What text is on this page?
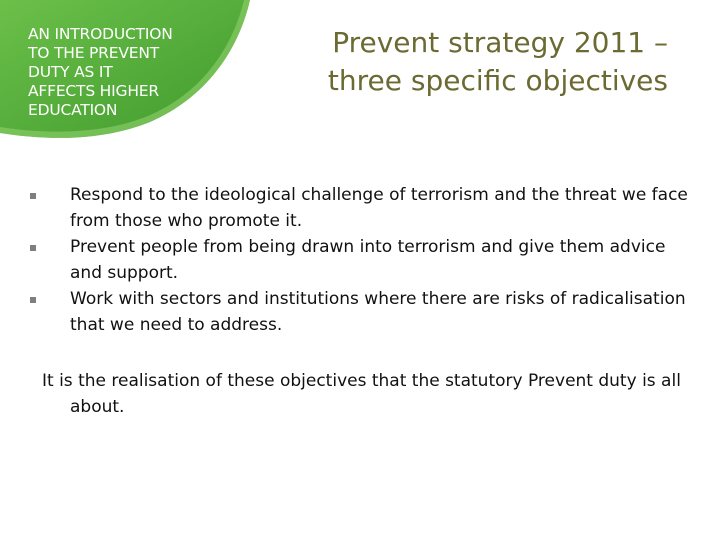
AN INTRODUCTION
TO THE PREVENT
DUTY AS IT
AFFECTS HIGHER
EDUCATION
Prevent strategy 2011 –
three specific objectives
Respond to the ideological challenge of terrorism and the threat we face from those who promote it.
Prevent people from being drawn into terrorism and give them advice and support.
Work with sectors and institutions where there are risks of radicalisation that we need to address.

It is the realisation of these objectives that the statutory Prevent duty is all about.
